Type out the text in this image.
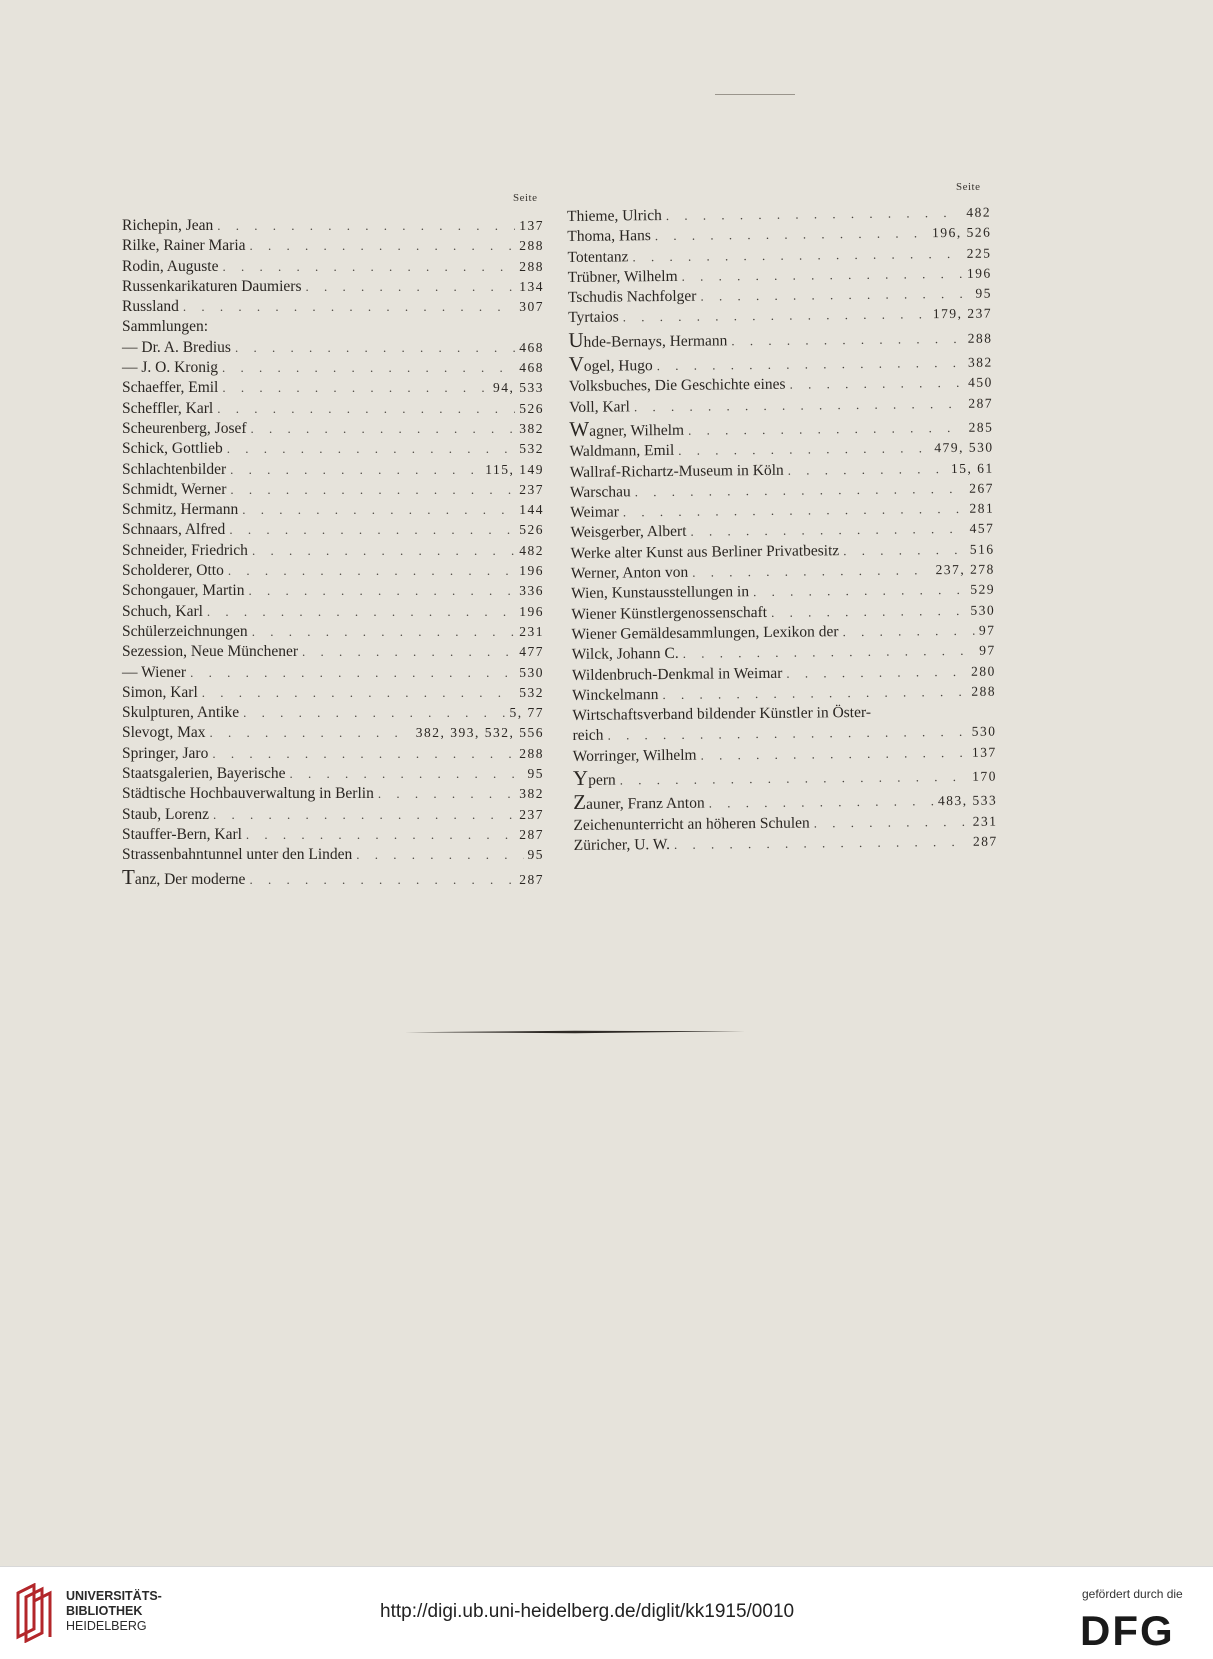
Seite
Seite
Richepin, Jean . . .	137
Rilke, Rainer Maria . . .	288
Rodin, Auguste . . .	288
Russenkarikaturen Daumiers . . .	134
Russland . . .	307
Sammlungen:
— Dr. A. Bredius . . .	468
— J. O. Kronig . . .	468
Schaeffer, Emil . . .	94, 533
Scheffler, Karl . . .	526
Scheurenberg, Josef . . .	382
Schick, Gottlieb . . .	532
Schlachtenbilder . . .	115, 149
Schmidt, Werner . . .	237
Schmitz, Hermann . . .	144
Schnaars, Alfred . . .	526
Schneider, Friedrich . . .	482
Scholderer, Otto . . .	196
Schongauer, Martin . . .	336
Schuch, Karl . . .	196
Schülerzeichnungen . . .	231
Sezession, Neue Münchener . . .	477
— Wiener . . .	530
Simon, Karl . . .	532
Skulpturen, Antike . . .	5, 77
Slevogt, Max . . .	382, 393, 532, 556
Springer, Jaro . . .	288
Staatsgalerien, Bayerische . . .	95
Städtische Hochbauverwaltung in Berlin . . .	382
Staub, Lorenz . . .	237
Stauffer-Bern, Karl . . .	287
Strassenbahntunnel unter den Linden . . .	95
Tanz, Der moderne . . .	287
Thieme, Ulrich . . .	482
Thoma, Hans . . .	196, 526
Totentanz . . .	225
Trübner, Wilhelm . . .	196
Tschudis Nachfolger . . .	95
Tyrtaios . . .	179, 237
Uhde-Bernays, Hermann . . .	288
Vogel, Hugo . . .	382
Volksbuches, Die Geschichte eines . . .	450
Voll, Karl . . .	287
Wagner, Wilhelm . . .	285
Waldmann, Emil . . .	479, 530
Wallraf-Richartz-Museum in Köln . . .	15, 61
Warschau . . .	267
Weimar . . .	281
Weisgerber, Albert . . .	457
Werke alter Kunst aus Berliner Privatbesitz . . .	516
Werner, Anton von . . .	237, 278
Wien, Kunstausstellungen in . . .	529
Wiener Künstlergenossenschaft . . .	530
Wiener Gemäldesammlungen, Lexikon der . . .	97
Wilck, Johann C. . . .	97
Wildenbruch-Denkmal in Weimar . . .	280
Winckelmann . . .	288
Wirtschaftsverband bildender Künstler in Öster-
reich . . .	530
Worringer, Wilhelm . . .	137
Ypern . . .	170
Zauner, Franz Anton . . .	483, 533
Zeichenunterricht an höheren Schulen . . .	231
Züricher, U. W. . . .	287
UNIVERSITÄTS-
BIBLIOTHEK
HEIDELBERG
http://digi.ub.uni-heidelberg.de/diglit/kk1915/0010
gefördert durch die
DFG
